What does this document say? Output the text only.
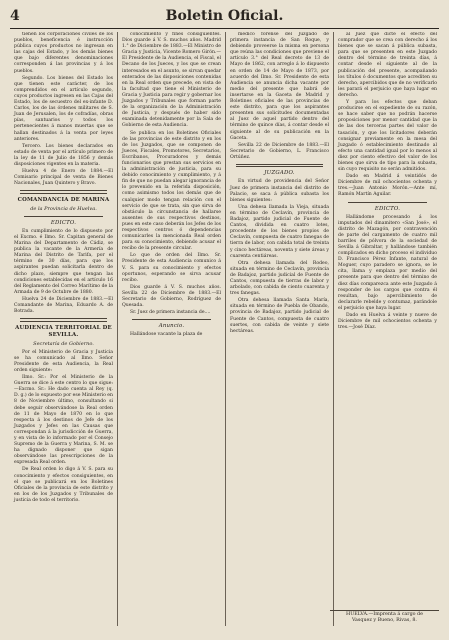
4	Boletin Oficial.

tienen los corporaciones civiles de los pueblos, beneficencia é instrucción pública cuyos productos no ingresan en las cajas del Estado, y los demás bienes que bajo diferentes denominaciones corresponden á las provincias y á los pueblos.

Segundo. Los bienes del Estado los que tienen este carácter, de los comprendidos en el artículo segundo, cuyos productos ingresen en las Cajas del Estado, los de secuestro del ex-infante D. Carlos, los de las órdenes militares de S. Juan de Jerusalen, los de cofradías, obras pías, santuarios y todos los pertenecientes á manos muertas que se hallan destinados á la venta por leyes anteriores.

Tercero. Los bienes declarados en estado de venta por el artículo primero de la ley de 11 de Julio de 1856 y demás disposiciones vigentes en la materia.

Huelva 4 de Enero de 1884.—El Comisario principal de venta de Bienes Nacionales, Juan Quintero y Bravo.

COMANDANCIA DE MARINA
de la Provincia de Huelva.
EDICTO.

En cumplimiento de lo dispuesto por el Excmo. é Ilmo. Sr. Capitan general de Marina del Departamento de Cádiz, se publica la vacante de la Armería de Marina del Distrito de Tarifa, por el término de 30 días, para que los aspirantes puedan solicitarla dentro de dicho plazo, siempre que tengan las condiciones establecidas en el artículo 16 del Reglamento del Correo Marítimo de la Armada de 9 de Octubre de 1880.

Huelva 24 de Diciembre de 1883.—El Comandante de Marina, Eduardo A. de Botrada.

AUDIENCIA TERRITORIAL DE SEVILLA.
Secretaría de Gobierno.

Por el Ministerio de Gracia y Justicia se ha comunicado al Ilmo. Señor Presidente de esta Audiencia, la Real orden siguiente:

Ilmo. Sr.: Por el Ministerio de la Guerra se dice á este centro lo que sigue:—Excmo. Sr.: He dado cuenta al Rey (q. D. g.) de lo expuesto por ese Ministerio en 8 de Noviembre último, consultando si debe seguir observándose la Real orden de 11 de Mayo de 1870 en lo que respecta á los destinos de Jefe de los Juzgados y Jefes en las Causas que correspondan á la jurisdicción de Guerra, y en vista de lo informado por el Consejo Supremo de la Guerra y Marina, S. M. se ha dignado disponer que sigan observándose las prescripciones de la expresada Real orden.

De Real orden lo digo á V. S. para su conocimiento y efectos consiguientes, en el que se publicará en los Boletines Oficiales de la provincia de este distrito y en los de los Juzgados y Tribunales de justicia de todo el territorio.

conocimiento y fines consiguientes. Dios guarde á V. S. muchos años. Madrid 1.° de Diciembre de 1883.—El Ministro de Gracia y Justicia, Vicente Romero Girón.—El Presidente de la Audiencia, el Fiscal, el Decano de los Jueces, y los que se crean interesados en el asunto, se sirvan quedar enterados de las disposiciones contenidas en la Real orden que precede, en vista de la facultad que tiene el Ministerio de Gracia y Justicia para regir y gobernar los Juzgados y Tribunales que forman parte de la organización de la Administración de Justicia, y después de haber sido examinada detenidamente por la Sala de Gobierno de esta Audiencia.

Se publica en los Boletines Oficiales de las provincias de este distrito y en los de los Juzgados, que se componen de Jueces, Fiscales, Promotores, Secretarios, Escribanos, Procuradores y demás funcionarios que prestan sus servicios en la administración de justicia, para su debido conocimiento y cumplimiento, y á fin de que no puedan alegar ignorancia de lo prevenido en la referida disposición, como asimismo todos los demás que de cualquier modo tengan relación con el servicio de que se trata, sin que sirva de obstáculo la circunstancia de hallarse ausentes de sus respectivos destinos, pues en este caso deberán los Jefes de los respectivos centros ó dependencias comunicarles la mencionada Real orden para su conocimiento, debiendo acusar el recibo de la presente circular.

Lo que de orden del Ilmo. Sr. Presidente de esta Audiencia comunico á V. S. para su conocimiento y efectos oportunos, esperando se sirva acusar recibo.

Dios guarde á V. S. muchos años. Sevilla 22 de Diciembre de 1883.—El Secretario de Gobierno, Rodríguez de Quesada.

Sr. Juez de primera instancia de....

Anuncio.

Hallándose vacante la plaza de

médico forense del Juzgado de primera instancia de San Roque, y debiendo proveerse la misma en persona que reúna las condiciones que previene el artículo 3.° del Real decreto de 13 de Mayo de 1862, con arreglo á lo dispuesto en orden de 14 de Mayo de 1873, por acuerdo del Ilmo. Sr. Presidente de esta Audiencia se anuncia dicha vacante por medio del presente que habrá de insertarse en la Gaceta de Madrid y Boletines oficiales de las provincias de este distrito, para que los aspirantes presenten sus solicitudes documentadas al Juez de aquel partido dentro del término de quince días, á contar desde el siguiente al de su publicación en la Gaceta.

Sevilla 22 de Diciembre de 1883.—El Secretario de Gobierno, L. Francisco Ortúñez.

JUZGADO.

En virtud de providencia del Señor Juez de primera instancia del distrito de Palacio, se saca á pública subasta los bienes siguientes:

Una dehesa llamada la Vieja, situada en término de Ceclavín, provincia de Badajoz, partido judicial de Fuente de Cantos, dividida en cuatro lotes, procedente de los bienes propios de Ceclavín, compuesta de cuatro fanegas de tierra de labor, con cabida total de treinta y cinco hectáreas, noventa y siete áreas y cuarenta centiáreas.

Otra dehesa llamada del Rodeo, situada en término de Ceclavín, provincia de Badajoz, partido judicial de Fuente de Cantos, compuesta de tierras de labor y arbolado, con cabida de ciento cuarenta y tres fanegas.

Otra dehesa llamada Santa María, situada en término de Puebla de Obando, provincia de Badajoz, partido judicial de Fuente de Cantos, compuesta de cuatro suertes, con cabida de veinte y siete hectáreas.

al Juez que dicte el efecto del comprador que se crea con derecho á los bienes que se sacan á pública subasta, para que se presenten en este Juzgado dentro del término de treinta días, á contar desde el siguiente al de la publicación del presente, acompañando los títulos ó documentos que acrediten su derecho, apercibidos que de no verificarlo les parará el perjuicio que haya lugar en derecho.

Y para los efectos que deban producirse en el expediente de su razón, se hace saber que no podrán hacerse proposiciones por menor cantidad que la de las dos terceras partes del valor de tasación, y que los licitadores deberán consignar previamente en la mesa del Juzgado ó establecimiento destinado al efecto una cantidad igual por lo menos al diez por ciento efectivo del valor de los bienes que sirva de tipo para la subasta, sin cuyo requisito no serán admitidos.

Dado en Madrid á veintidós de Diciembre de mil ochocientos ochenta y tres.—Juan Antonio Morón.—Ante mí, Ramón Martín Aguilar.

EDICTO.

Hallándome procesando á los imputados del dinamitero «San José», el distrito de Mazagón, por contravención de parte del cargamento de cuatro mil barriles de pólvora de la sociedad de Sevilla á Gibraltar, y hallándose también complicados en dicho proceso el individuo D. Francisco Pérez Infante, natural de Moguer, cuyo paradero se ignora, se le cita, llama y emplaza por medio del presente para que dentro del término de diez días comparezca ante este Juzgado á responder de los cargos que contra él resultan, bajo apercibimiento de declararle rebelde y contumaz, parándole el perjuicio que haya lugar.

Dado en Huelva á veinte y nueve de Diciembre de mil ochocientos ochenta y tres.—José Díaz.

HUELVA.—Imprenta á cargo de
Vasquez y Bueno, Rivas, 8.
